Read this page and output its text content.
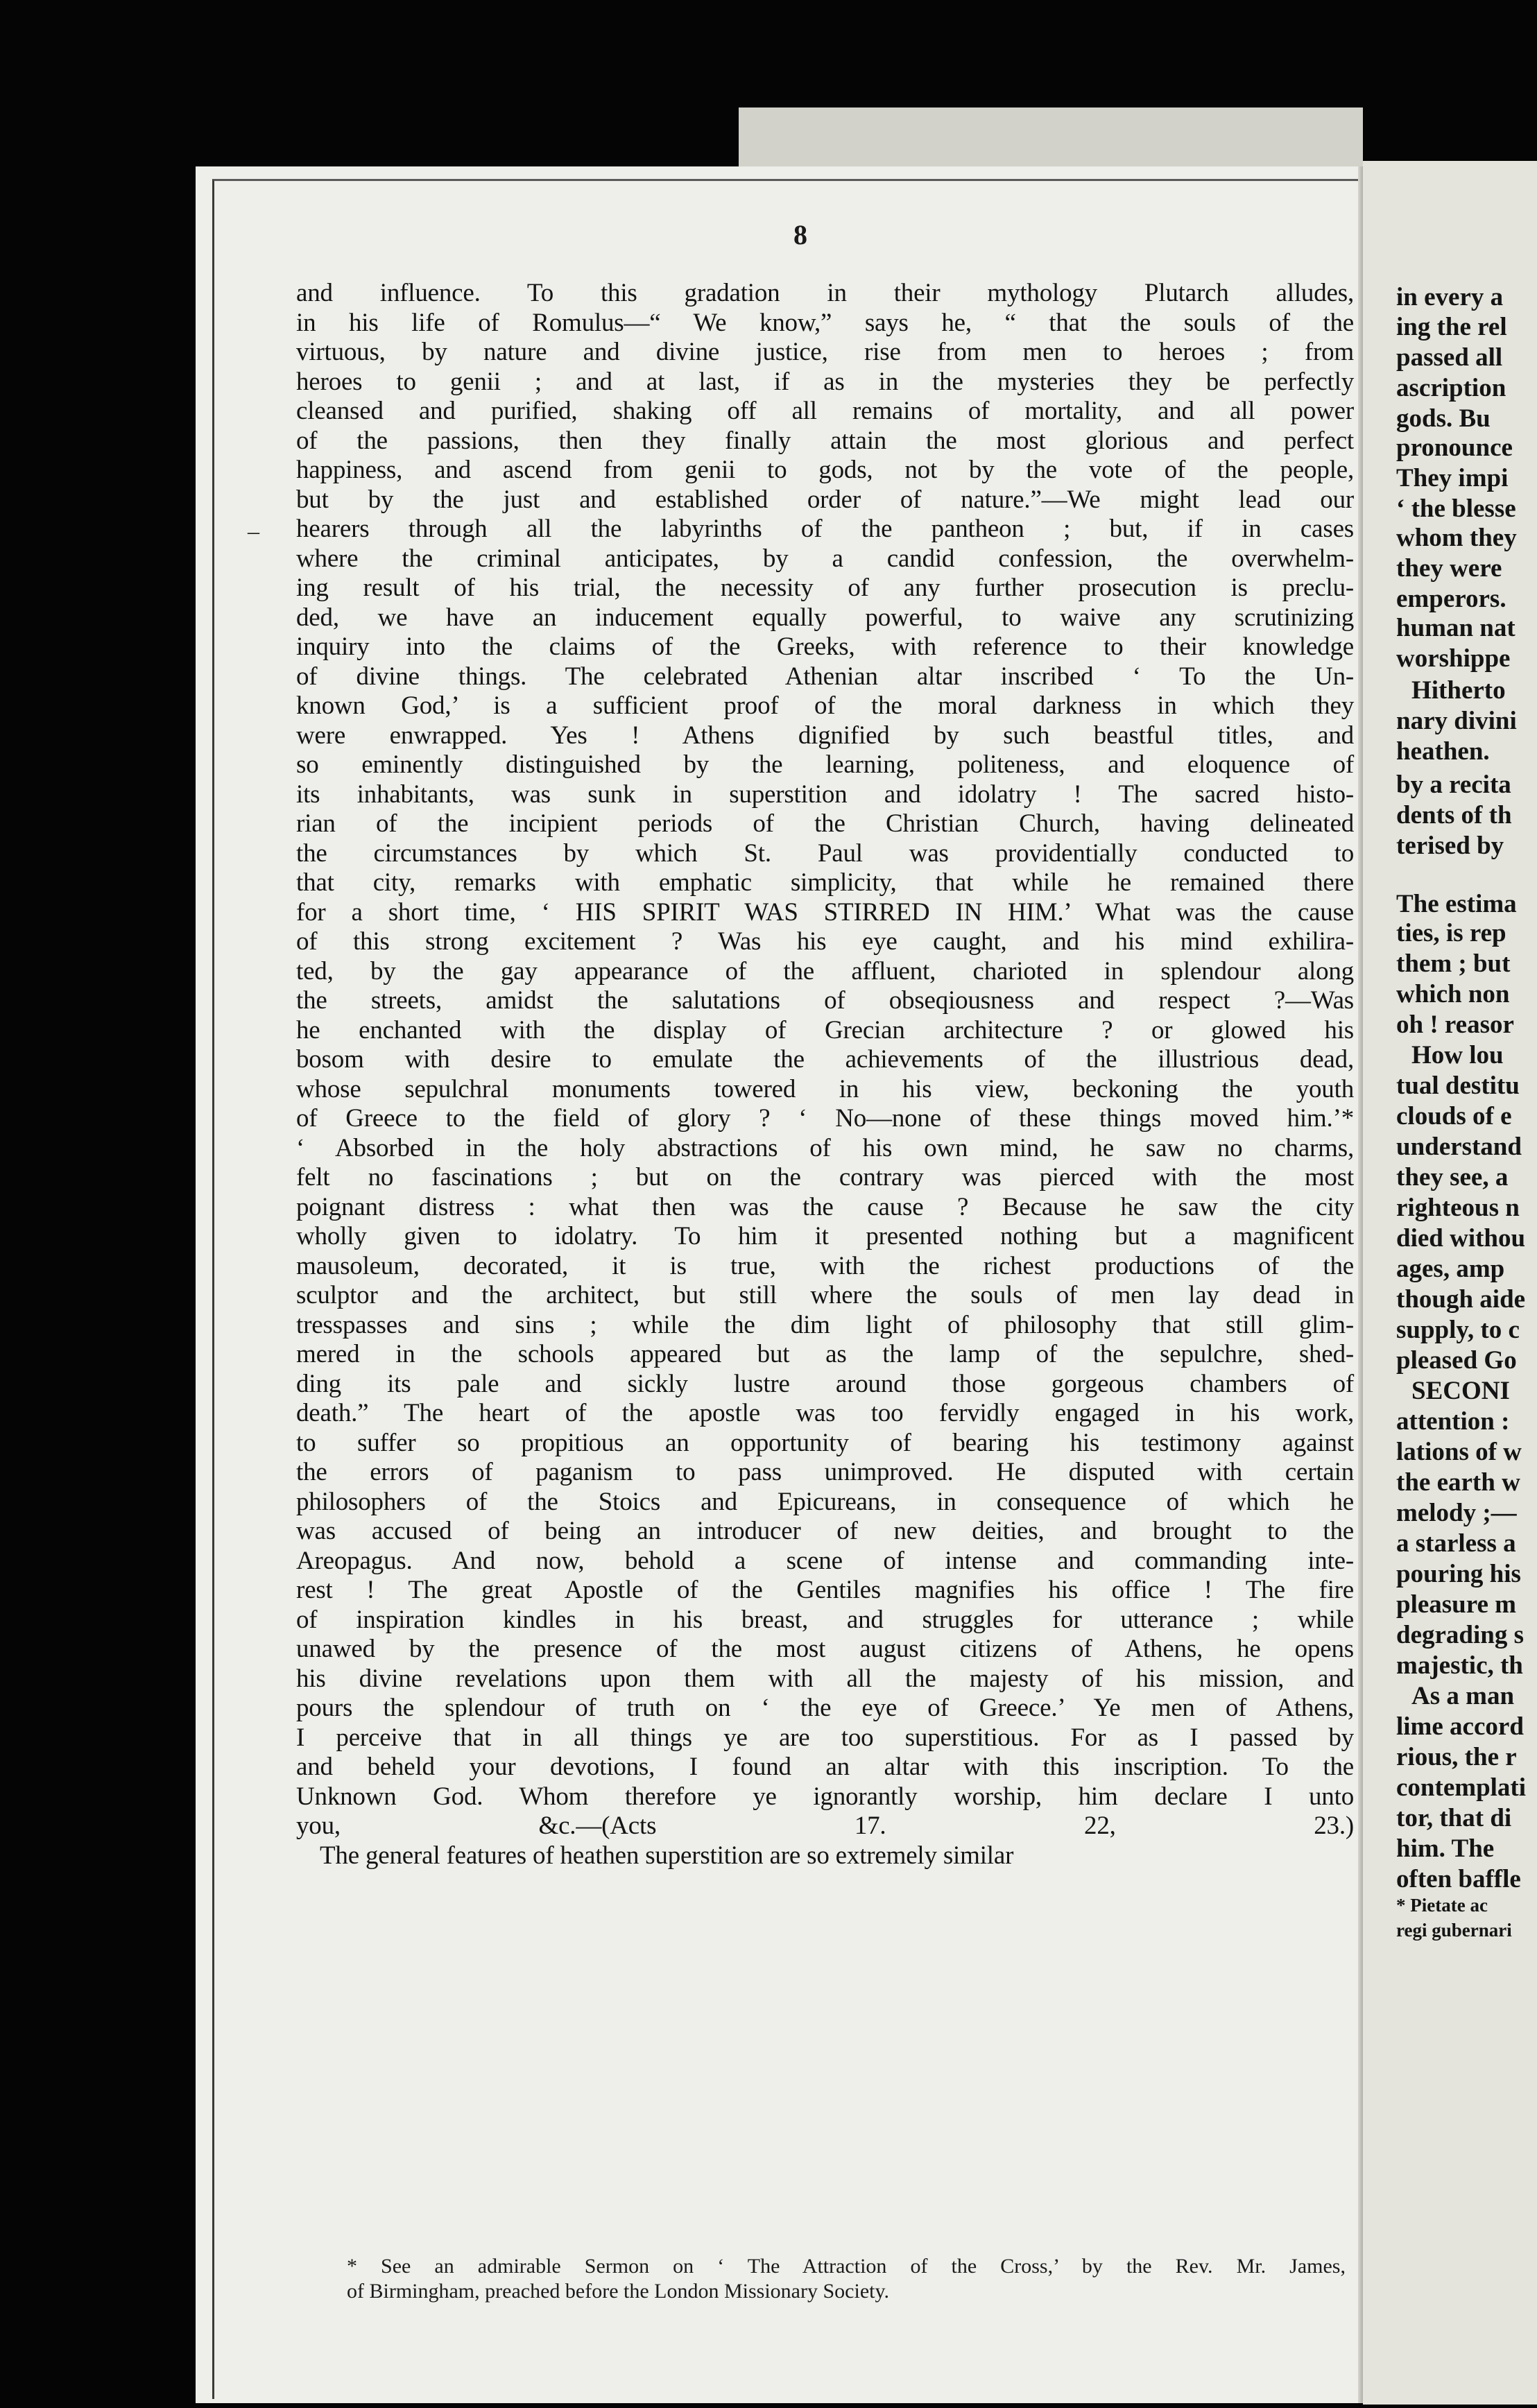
8
and influence. To this gradation in their mythology Plutarch alludes,
in his life of Romulus—“ We know,” says he, “ that the souls of the
virtuous, by nature and divine justice, rise from men to heroes ; from
heroes to genii ; and at last, if as in the mysteries they be perfectly
cleansed and purified, shaking off all remains of mortality, and all power
of the passions, then they finally attain the most glorious and perfect
happiness, and ascend from genii to gods, not by the vote of the people,
but by the just and established order of nature.”—We might lead our
hearers through all the labyrinths of the pantheon ; but, if in cases
where the criminal anticipates, by a candid confession, the overwhelm-
ing result of his trial, the necessity of any further prosecution is preclu-
ded, we have an inducement equally powerful, to waive any scrutinizing
inquiry into the claims of the Greeks, with reference to their knowledge
of divine things. The celebrated Athenian altar inscribed ‘ To the Un-
known God,’ is a sufficient proof of the moral darkness in which they
were enwrapped. Yes ! Athens dignified by such beastful titles, and
so eminently distinguished by the learning, politeness, and eloquence of
its inhabitants, was sunk in superstition and idolatry ! The sacred histo-
rian of the incipient periods of the Christian Church, having delineated
the circumstances by which St. Paul was providentially conducted to
that city, remarks with emphatic simplicity, that while he remained there
for a short time, ‘ HIS SPIRIT WAS STIRRED IN HIM.’ What was the cause
of this strong excitement ? Was his eye caught, and his mind exhilira-
ted, by the gay appearance of the affluent, charioted in splendour along
the streets, amidst the salutations of obseqiousness and respect ?—Was
he enchanted with the display of Grecian architecture ? or glowed his
bosom with desire to emulate the achievements of the illustrious dead,
whose sepulchral monuments towered in his view, beckoning the youth
of Greece to the field of glory ? ‘ No—none of these things moved him.’*
‘ Absorbed in the holy abstractions of his own mind, he saw no charms,
felt no fascinations ; but on the contrary was pierced with the most
poignant distress : what then was the cause ? Because he saw the city
wholly given to idolatry. To him it presented nothing but a magnificent
mausoleum, decorated, it is true, with the richest productions of the
sculptor and the architect, but still where the souls of men lay dead in
tresspasses and sins ; while the dim light of philosophy that still glim-
mered in the schools appeared but as the lamp of the sepulchre, shed-
ding its pale and sickly lustre around those gorgeous chambers of
death.” The heart of the apostle was too fervidly engaged in his work,
to suffer so propitious an opportunity of bearing his testimony against
the errors of paganism to pass unimproved. He disputed with certain
philosophers of the Stoics and Epicureans, in consequence of which he
was accused of being an introducer of new deities, and brought to the
Areopagus. And now, behold a scene of intense and commanding inte-
rest ! The great Apostle of the Gentiles magnifies his office ! The fire
of inspiration kindles in his breast, and struggles for utterance ; while
unawed by the presence of the most august citizens of Athens, he opens
his divine revelations upon them with all the majesty of his mission, and
pours the splendour of truth on ‘ the eye of Greece.’ Ye men of Athens,
I perceive that in all things ye are too superstitious. For as I passed by
and beheld your devotions, I found an altar with this inscription. To the
Unknown God. Whom therefore ye ignorantly worship, him declare I unto
you, &c.—(Acts 17. 22, 23.)
The general features of heathen superstition are so extremely similar
* See an admirable Sermon on ‘ The Attraction of the Cross,’ by the Rev. Mr. James,
of Birmingham, preached before the London Missionary Society.
–
in every a
ing the rel
passed all
ascription
gods. Bu
pronounce
They impi
‘ the blesse
whom they
they were
emperors.
human nat
worshippe
Hitherto
nary divini
heathen.
by a recita
dents of th
terised by
The estima
ties, is rep
them ; but
which non
oh ! reasor
How lou
tual destitu
clouds of e
understand
they see, a
righteous n
died withou
ages, amp
though aide
supply, to c
pleased Go
SECONI
attention :
lations of w
the earth w
melody ;—
a starless a
pouring his
pleasure m
degrading s
majestic, th
As a man
lime accord
rious, the r
contemplati
tor, that di
him. The
often baffle
* Pietate ac
regi gubernari
